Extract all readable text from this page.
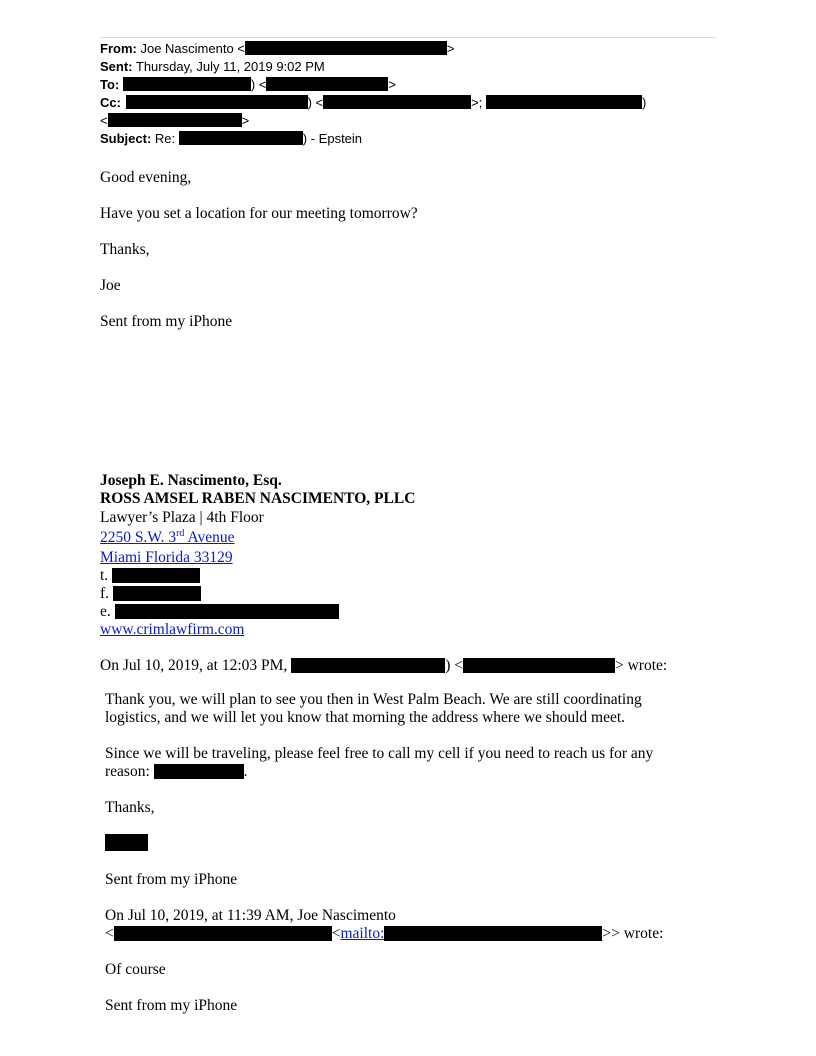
From: Joe Nascimento <	>
Sent: Thursday, July 11, 2019 9:02 PM
To:	) <	>
Cc:	) <	>;	)
<	>
Subject: Re:	) - Epstein
Good evening,
Have you set a location for our meeting tomorrow?
Thanks,
Joe
Sent from my iPhone
Joseph E. Nascimento, Esq.
ROSS AMSEL RABEN NASCIMENTO, PLLC
Lawyer’s Plaza | 4th Floor
2250 S.W. 3rd Avenue
Miami Florida 33129
t.
f.
e.
www.crimlawfirm.com
On Jul 10, 2019, at 12:03 PM,	) <	> wrote:
Thank you, we will plan to see you then in West Palm Beach. We are still coordinating
logistics, and we will let you know that morning the address where we should meet.
Since we will be traveling, please feel free to call my cell if you need to reach us for any
reason:	.
Thanks,
Sent from my iPhone
On Jul 10, 2019, at 11:39 AM, Joe Nascimento
<	<mailto:	>> wrote:
Of course
Sent from my iPhone
